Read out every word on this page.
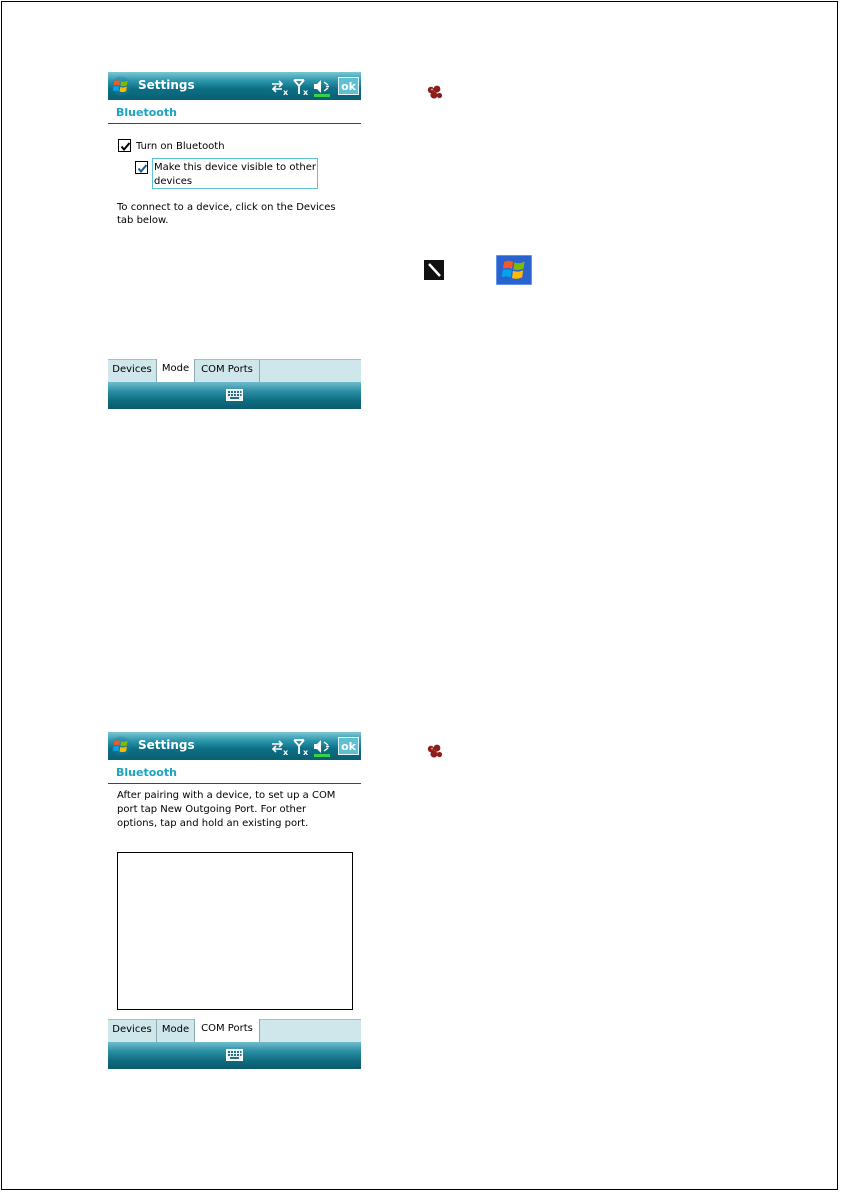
Settings
x x	ok
Bluetooth
Turn on Bluetooth
Make this device visible to other
devices
To connect to a device, click on the Devices
tab below.
Devices	Mode	COM Ports
Settings
x x	ok
Bluetooth
After pairing with a device, to set up a COM
port tap New Outgoing Port. For other
options, tap and hold an existing port.
Devices	Mode	COM Ports
